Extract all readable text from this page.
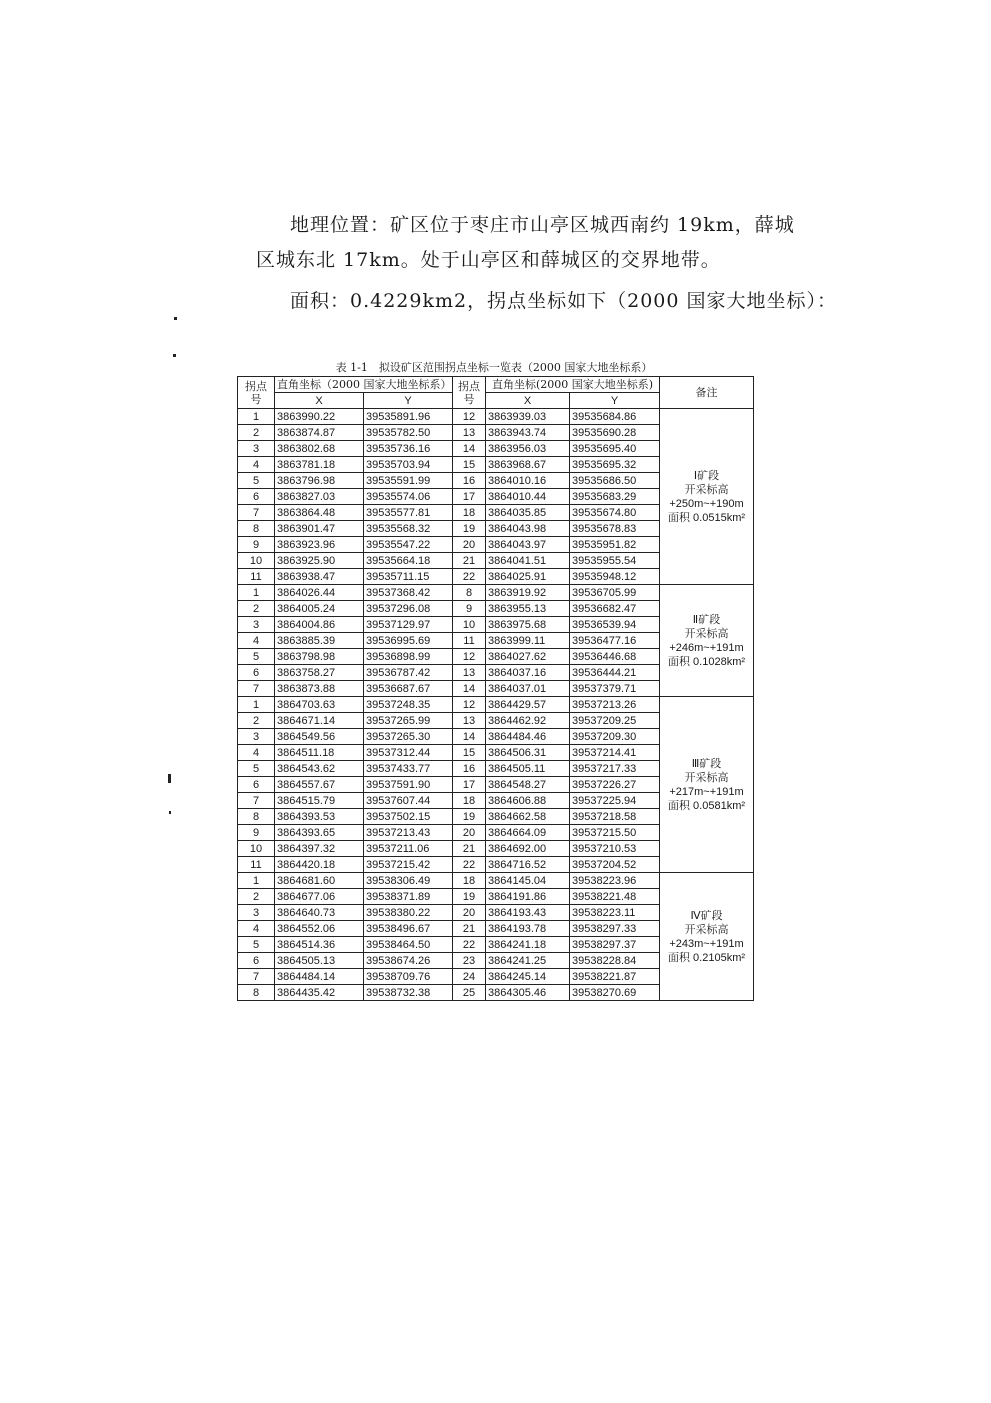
地理位置：矿区位于枣庄市山亭区城西南约 19km，薛城
区城东北 17km。处于山亭区和薛城区的交界地带。
面积：0.4229km2，拐点坐标如下（2000 国家大地坐标）：
表 1-1　拟设矿区范围拐点坐标一览表（2000 国家大地坐标系）
拐点号	直角坐标（2000 国家大地坐标系）		拐点号	直角坐标(2000 国家大地坐标系)		备注
	X	Y		X	Y	
1	3863990.22	39535891.96	12	3863939.03	39535684.86	Ⅰ矿段
开采标高
+250m~+190m
面积 0.0515km²

2	3863874.87	39535782.50	13	3863943.74	39535690.28	
3	3863802.68	39535736.16	14	3863956.03	39535695.40	
4	3863781.18	39535703.94	15	3863968.67	39535695.32	
5	3863796.98	39535591.99	16	3864010.16	39535686.50	
6	3863827.03	39535574.06	17	3864010.44	39535683.29	
7	3863864.48	39535577.81	18	3864035.85	39535674.80	
8	3863901.47	39535568.32	19	3864043.98	39535678.83	
9	3863923.96	39535547.22	20	3864043.97	39535951.82	
10	3863925.90	39535664.18	21	3864041.51	39535955.54	
11	3863938.47	39535711.15	22	3864025.91	39535948.12	
1	3864026.44	39537368.42	8	3863919.92	39536705.99	Ⅱ矿段
开采标高
+246m~+191m
面积 0.1028km²

2	3864005.24	39537296.08	9	3863955.13	39536682.47	
3	3864004.86	39537129.97	10	3863975.68	39536539.94	
4	3863885.39	39536995.69	11	3863999.11	39536477.16	
5	3863798.98	39536898.99	12	3864027.62	39536446.68	
6	3863758.27	39536787.42	13	3864037.16	39536444.21	
7	3863873.88	39536687.67	14	3864037.01	39537379.71	
1	3864703.63	39537248.35	12	3864429.57	39537213.26	Ⅲ矿段
开采标高
+217m~+191m
面积 0.0581km²

2	3864671.14	39537265.99	13	3864462.92	39537209.25	
3	3864549.56	39537265.30	14	3864484.46	39537209.30	
4	3864511.18	39537312.44	15	3864506.31	39537214.41	
5	3864543.62	39537433.77	16	3864505.11	39537217.33	
6	3864557.67	39537591.90	17	3864548.27	39537226.27	
7	3864515.79	39537607.44	18	3864606.88	39537225.94	
8	3864393.53	39537502.15	19	3864662.58	39537218.58	
9	3864393.65	39537213.43	20	3864664.09	39537215.50	
10	3864397.32	39537211.06	21	3864692.00	39537210.53	
11	3864420.18	39537215.42	22	3864716.52	39537204.52	
1	3864681.60	39538306.49	18	3864145.04	39538223.96	Ⅳ矿段
开采标高
+243m~+191m
面积 0.2105km²

2	3864677.06	39538371.89	19	3864191.86	39538221.48	
3	3864640.73	39538380.22	20	3864193.43	39538223.11	
4	3864552.06	39538496.67	21	3864193.78	39538297.33	
5	3864514.36	39538464.50	22	3864241.18	39538297.37	
6	3864505.13	39538674.26	23	3864241.25	39538228.84	
7	3864484.14	39538709.76	24	3864245.14	39538221.87	
8	3864435.42	39538732.38	25	3864305.46	39538270.69	
